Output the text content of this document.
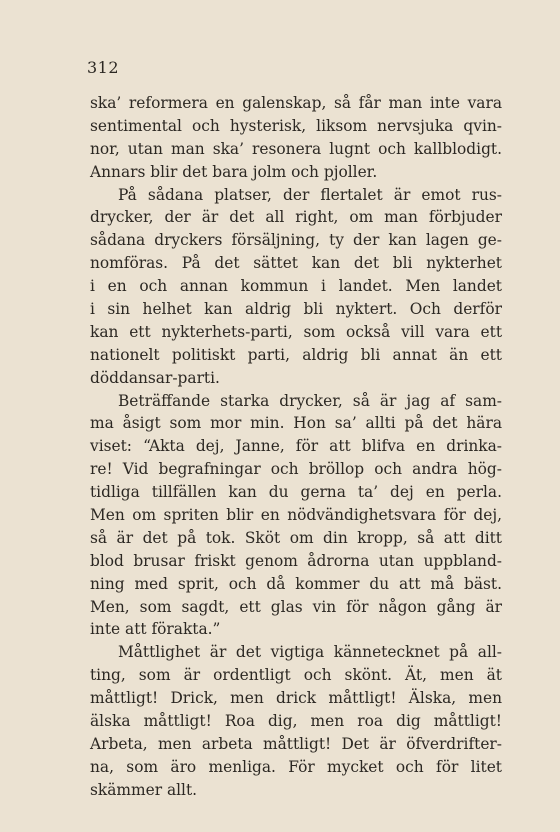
312
ska’ reformera en galenskap, så får man inte vara
sentimental och hysterisk, liksom nervsjuka qvin-
nor, utan man ska’ resonera lugnt och kallblodigt.
Annars blir det bara jolm och pjoller.
På sådana platser, der flertalet är emot rus-
drycker, der är det all right, om man förbjuder
sådana dryckers försäljning, ty der kan lagen ge-
nomföras. På det sättet kan det bli nykterhet
i en och annan kommun i landet. Men landet
i sin helhet kan aldrig bli nyktert. Och derför
kan ett nykterhets-parti, som också vill vara ett
nationelt politiskt parti, aldrig bli annat än ett
döddansar-parti.
Beträffande starka drycker, så är jag af sam-
ma åsigt som mor min. Hon sa’ allti på det hära
viset: “Akta dej, Janne, för att blifva en drinka-
re! Vid begrafningar och bröllop och andra hög-
tidliga tillfällen kan du gerna ta’ dej en perla.
Men om spriten blir en nödvändighetsvara för dej,
så är det på tok. Sköt om din kropp, så att ditt
blod brusar friskt genom ådrorna utan uppbland-
ning med sprit, och då kommer du att må bäst.
Men, som sagdt, ett glas vin för någon gång är
inte att förakta.”
Måttlighet är det vigtiga kännetecknet på all-
ting, som är ordentligt och skönt. Ät, men ät
måttligt! Drick, men drick måttligt! Älska, men
älska måttligt! Roa dig, men roa dig måttligt!
Arbeta, men arbeta måttligt! Det är öfverdrifter-
na, som äro menliga. För mycket och för litet
skämmer allt.
